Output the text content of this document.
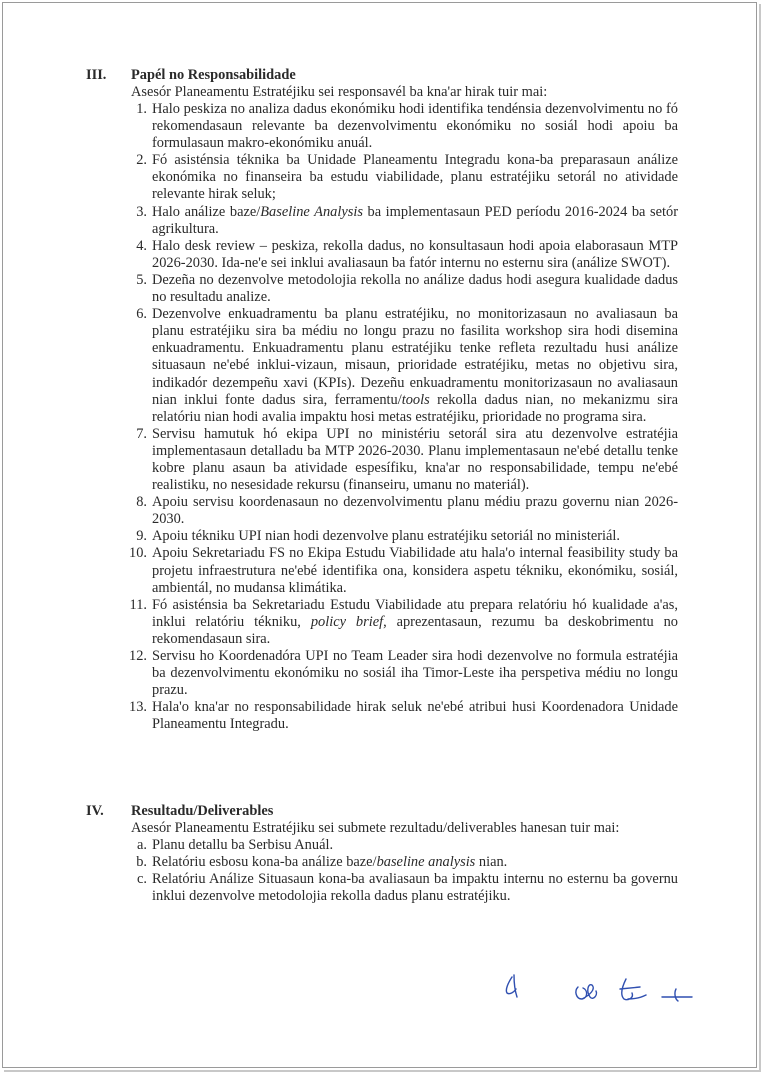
III. Papél no Responsabilidade
Asesór Planeamentu Estratéjiku sei responsavél ba kna'ar hirak tuir mai:
1. Halo peskiza no analiza dadus ekonómiku hodi identifika tendénsia dezenvolvimentu no fó rekomendasaun relevante ba dezenvolvimentu ekonómiku no sosiál hodi apoiu ba formulasaun makro-ekonómiku anuál.
2. Fó asisténsia téknika ba Unidade Planeamentu Integradu kona-ba preparasaun análize ekonómika no finanseira ba estudu viabilidade, planu estratéjiku setorál no atividade relevante hirak seluk;
3. Halo análize baze/Baseline Analysis ba implementasaun PED períodu 2016-2024 ba setór agrikultura.
4. Halo desk review – peskiza, rekolla dadus, no konsultasaun hodi apoia elaborasaun MTP 2026-2030. Ida-ne'e sei inklui avaliasaun ba fatór internu no esternu sira (análize SWOT).
5. Dezeña no dezenvolve metodolojia rekolla no análize dadus hodi asegura kualidade dadus no resultadu analize.
6. Dezenvolve enkuadramentu ba planu estratéjiku, no monitorizasaun no avaliasaun ba planu estratéjiku sira ba médiu no longu prazu no fasilita workshop sira hodi disemina enkuadramentu. Enkuadramentu planu estratéjiku tenke refleta rezultadu husi análize situasaun ne'ebé inklui-vizaun, misaun, prioridade estratéjiku, metas no objetivu sira, indikadór dezempeñu xavi (KPIs). Dezeñu enkuadramentu monitorizasaun no avaliasaun nian inklui fonte dadus sira, ferramentu/tools rekolla dadus nian, no mekanizmu sira relatóriu nian hodi avalia impaktu hosi metas estratéjiku, prioridade no programa sira.
7. Servisu hamutuk hó ekipa UPI no ministériu setorál sira atu dezenvolve estratéjia implementasaun detalladu ba MTP 2026-2030. Planu implementasaun ne'ebé detallu tenke kobre planu asaun ba atividade espesífiku, kna'ar no responsabilidade, tempu ne'ebé realistiku, no nesesidade rekursu (finanseiru, umanu no materiál).
8. Apoiu servisu koordenasaun no dezenvolvimentu planu médiu prazu governu nian 2026-2030.
9. Apoiu tékniku UPI nian hodi dezenvolve planu estratéjiku setoriál no ministeriál.
10. Apoiu Sekretariadu FS no Ekipa Estudu Viabilidade atu hala'o internal feasibility study ba projetu infraestrutura ne'ebé identifika ona, konsidera aspetu tékniku, ekonómiku, sosiál, ambientál, no mudansa klimátika.
11. Fó asisténsia ba Sekretariadu Estudu Viabilidade atu prepara relatóriu hó kualidade a'as, inklui relatóriu tékniku, policy brief, aprezentasaun, rezumu ba deskobrimentu no rekomendasaun sira.
12. Servisu ho Koordenadóra UPI no Team Leader sira hodi dezenvolve no formula estratéjia ba dezenvolvimentu ekonómiku no sosiál iha Timor-Leste iha perspetiva médiu no longu prazu.
13. Hala'o kna'ar no responsabilidade hirak seluk ne'ebé atribui husi Koordenadora Unidade Planeamentu Integradu.
IV. Resultadu/Deliverables
Asesór Planeamentu Estratéjiku sei submete rezultadu/deliverables hanesan tuir mai:
a. Planu detallu ba Serbisu Anuál.
b. Relatóriu esbosu kona-ba análize baze/baseline analysis nian.
c. Relatóriu Análize Situasaun kona-ba avaliasaun ba impaktu internu no esternu ba governu inklui dezenvolve metodolojia rekolla dadus planu estratéjiku.
